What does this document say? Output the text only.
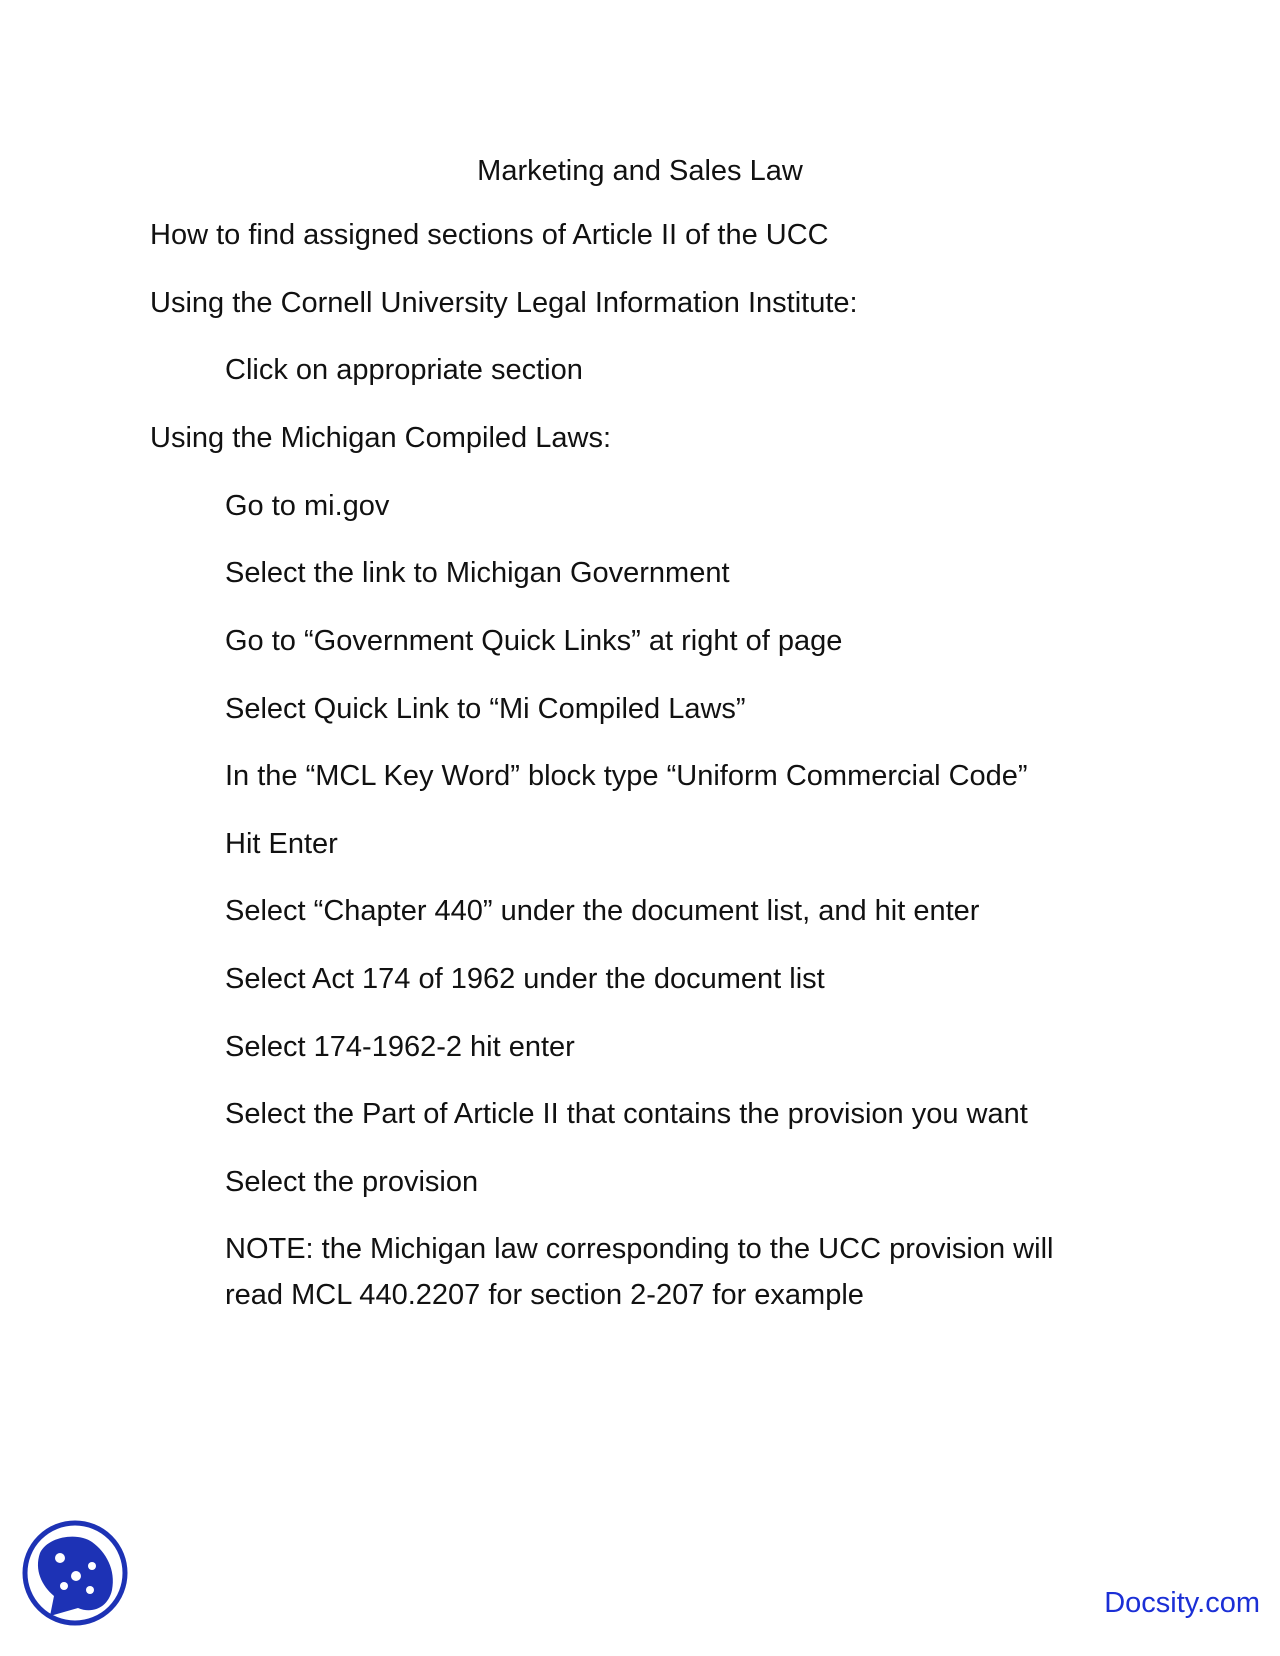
Marketing and Sales Law
How to find assigned sections of Article II of the UCC
Using the Cornell University Legal Information Institute:
Click on appropriate section
Using the Michigan Compiled Laws:
Go to mi.gov
Select the link to Michigan Government
Go to “Government Quick Links” at right of page
Select Quick Link to “Mi Compiled Laws”
In the “MCL Key Word” block type “Uniform Commercial Code”
Hit Enter
Select “Chapter 440” under the document list, and hit enter
Select Act 174 of 1962 under the document list
Select 174-1962-2 hit enter
Select the Part of Article II that contains the provision you want
Select the provision
NOTE: the Michigan law corresponding to the UCC provision will read MCL 440.2207 for section 2-207 for example
Docsity.com
